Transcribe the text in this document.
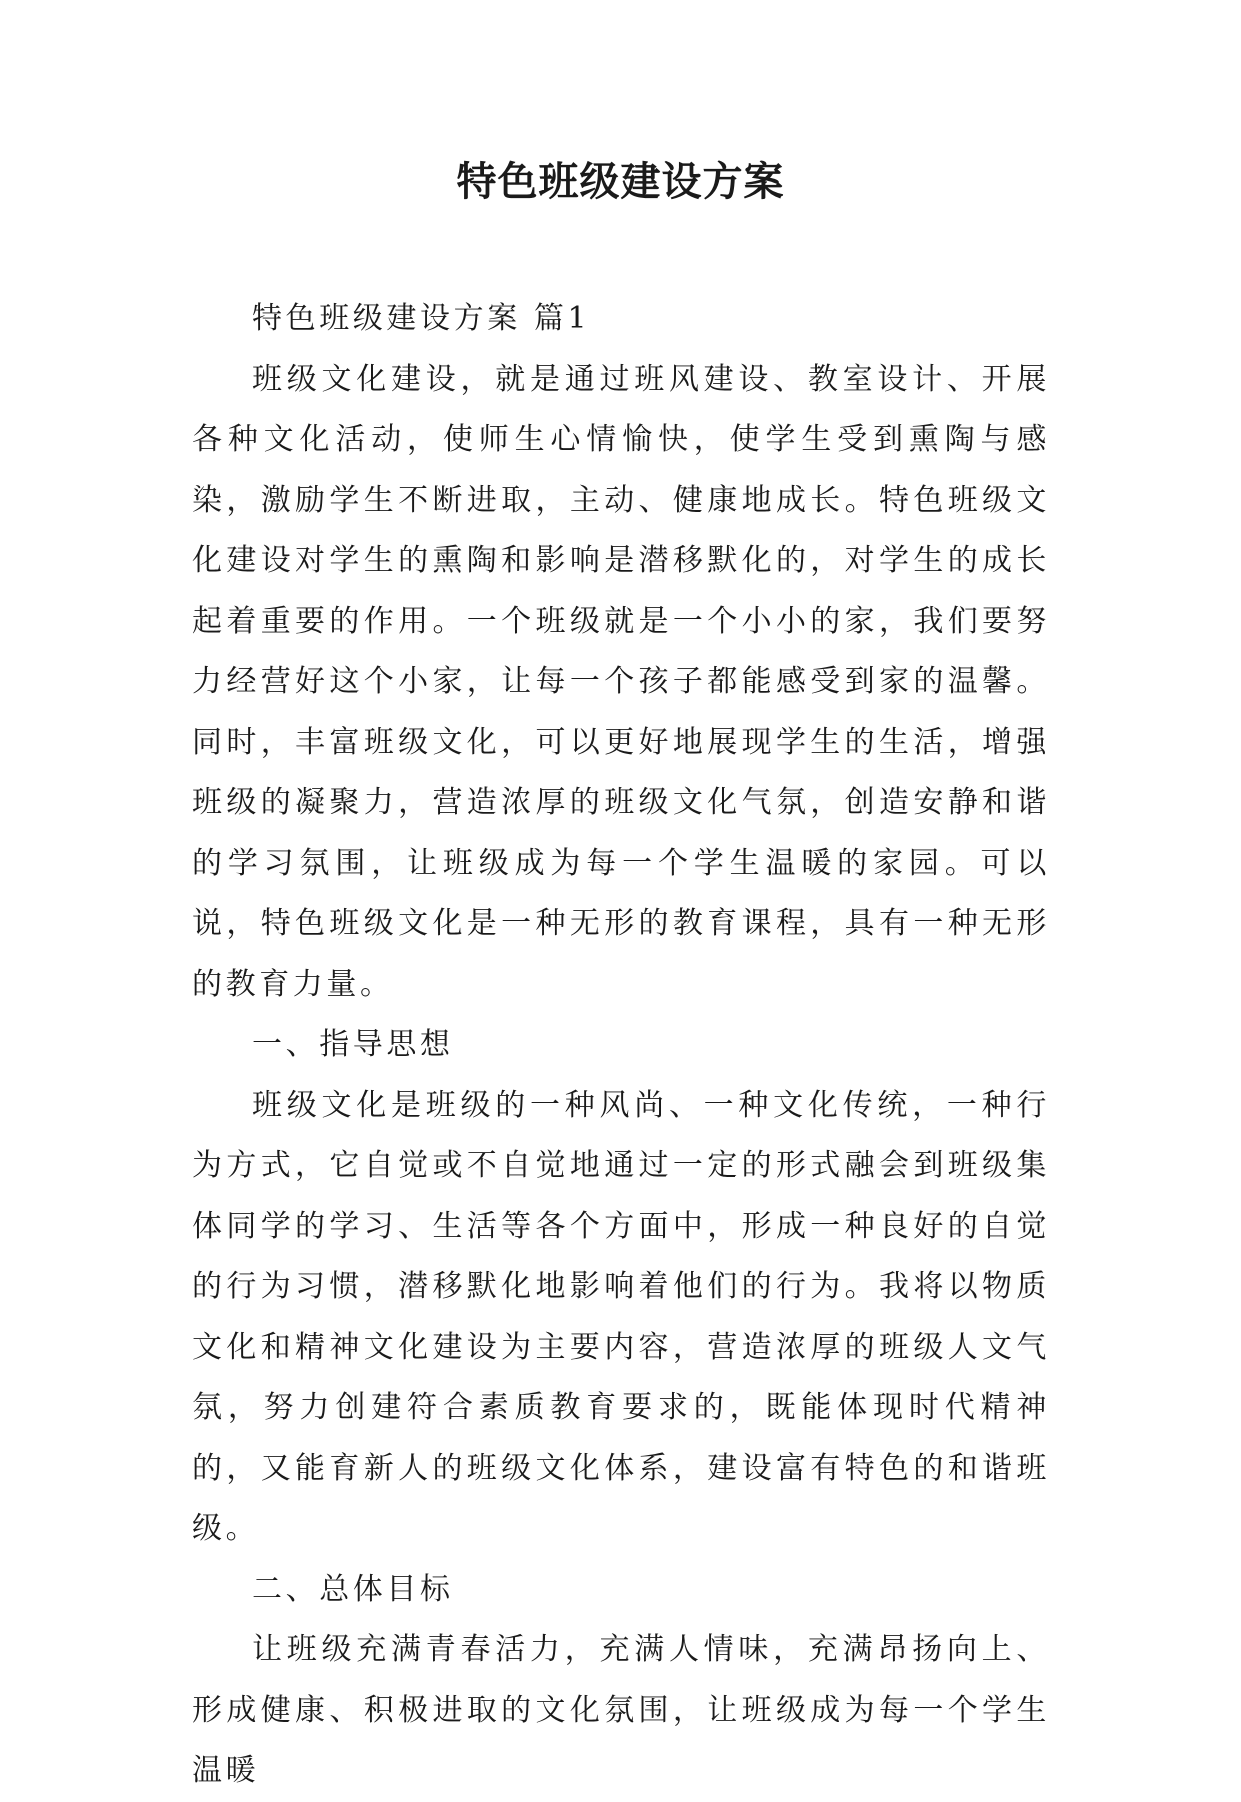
特色班级建设方案

特色班级建设方案 篇1

班级文化建设，就是通过班风建设、教室设计、开展各种文化活动，使师生心情愉快，使学生受到熏陶与感染，激励学生不断进取，主动、健康地成长。特色班级文化建设对学生的熏陶和影响是潜移默化的，对学生的成长起着重要的作用。一个班级就是一个小小的家，我们要努力经营好这个小家，让每一个孩子都能感受到家的温馨。同时，丰富班级文化，可以更好地展现学生的生活，增强班级的凝聚力，营造浓厚的班级文化气氛，创造安静和谐的学习氛围，让班级成为每一个学生温暖的家园。可以说，特色班级文化是一种无形的教育课程，具有一种无形的教育力量。

一、指导思想

班级文化是班级的一种风尚、一种文化传统，一种行为方式，它自觉或不自觉地通过一定的形式融会到班级集体同学的学习、生活等各个方面中，形成一种良好的自觉的行为习惯，潜移默化地影响着他们的行为。我将以物质文化和精神文化建设为主要内容，营造浓厚的班级人文气氛，努力创建符合素质教育要求的，既能体现时代精神的，又能育新人的班级文化体系，建设富有特色的和谐班级。

二、总体目标

让班级充满青春活力，充满人情味，充满昂扬向上、形成健康、积极进取的文化氛围，让班级成为每一个学生温暖
